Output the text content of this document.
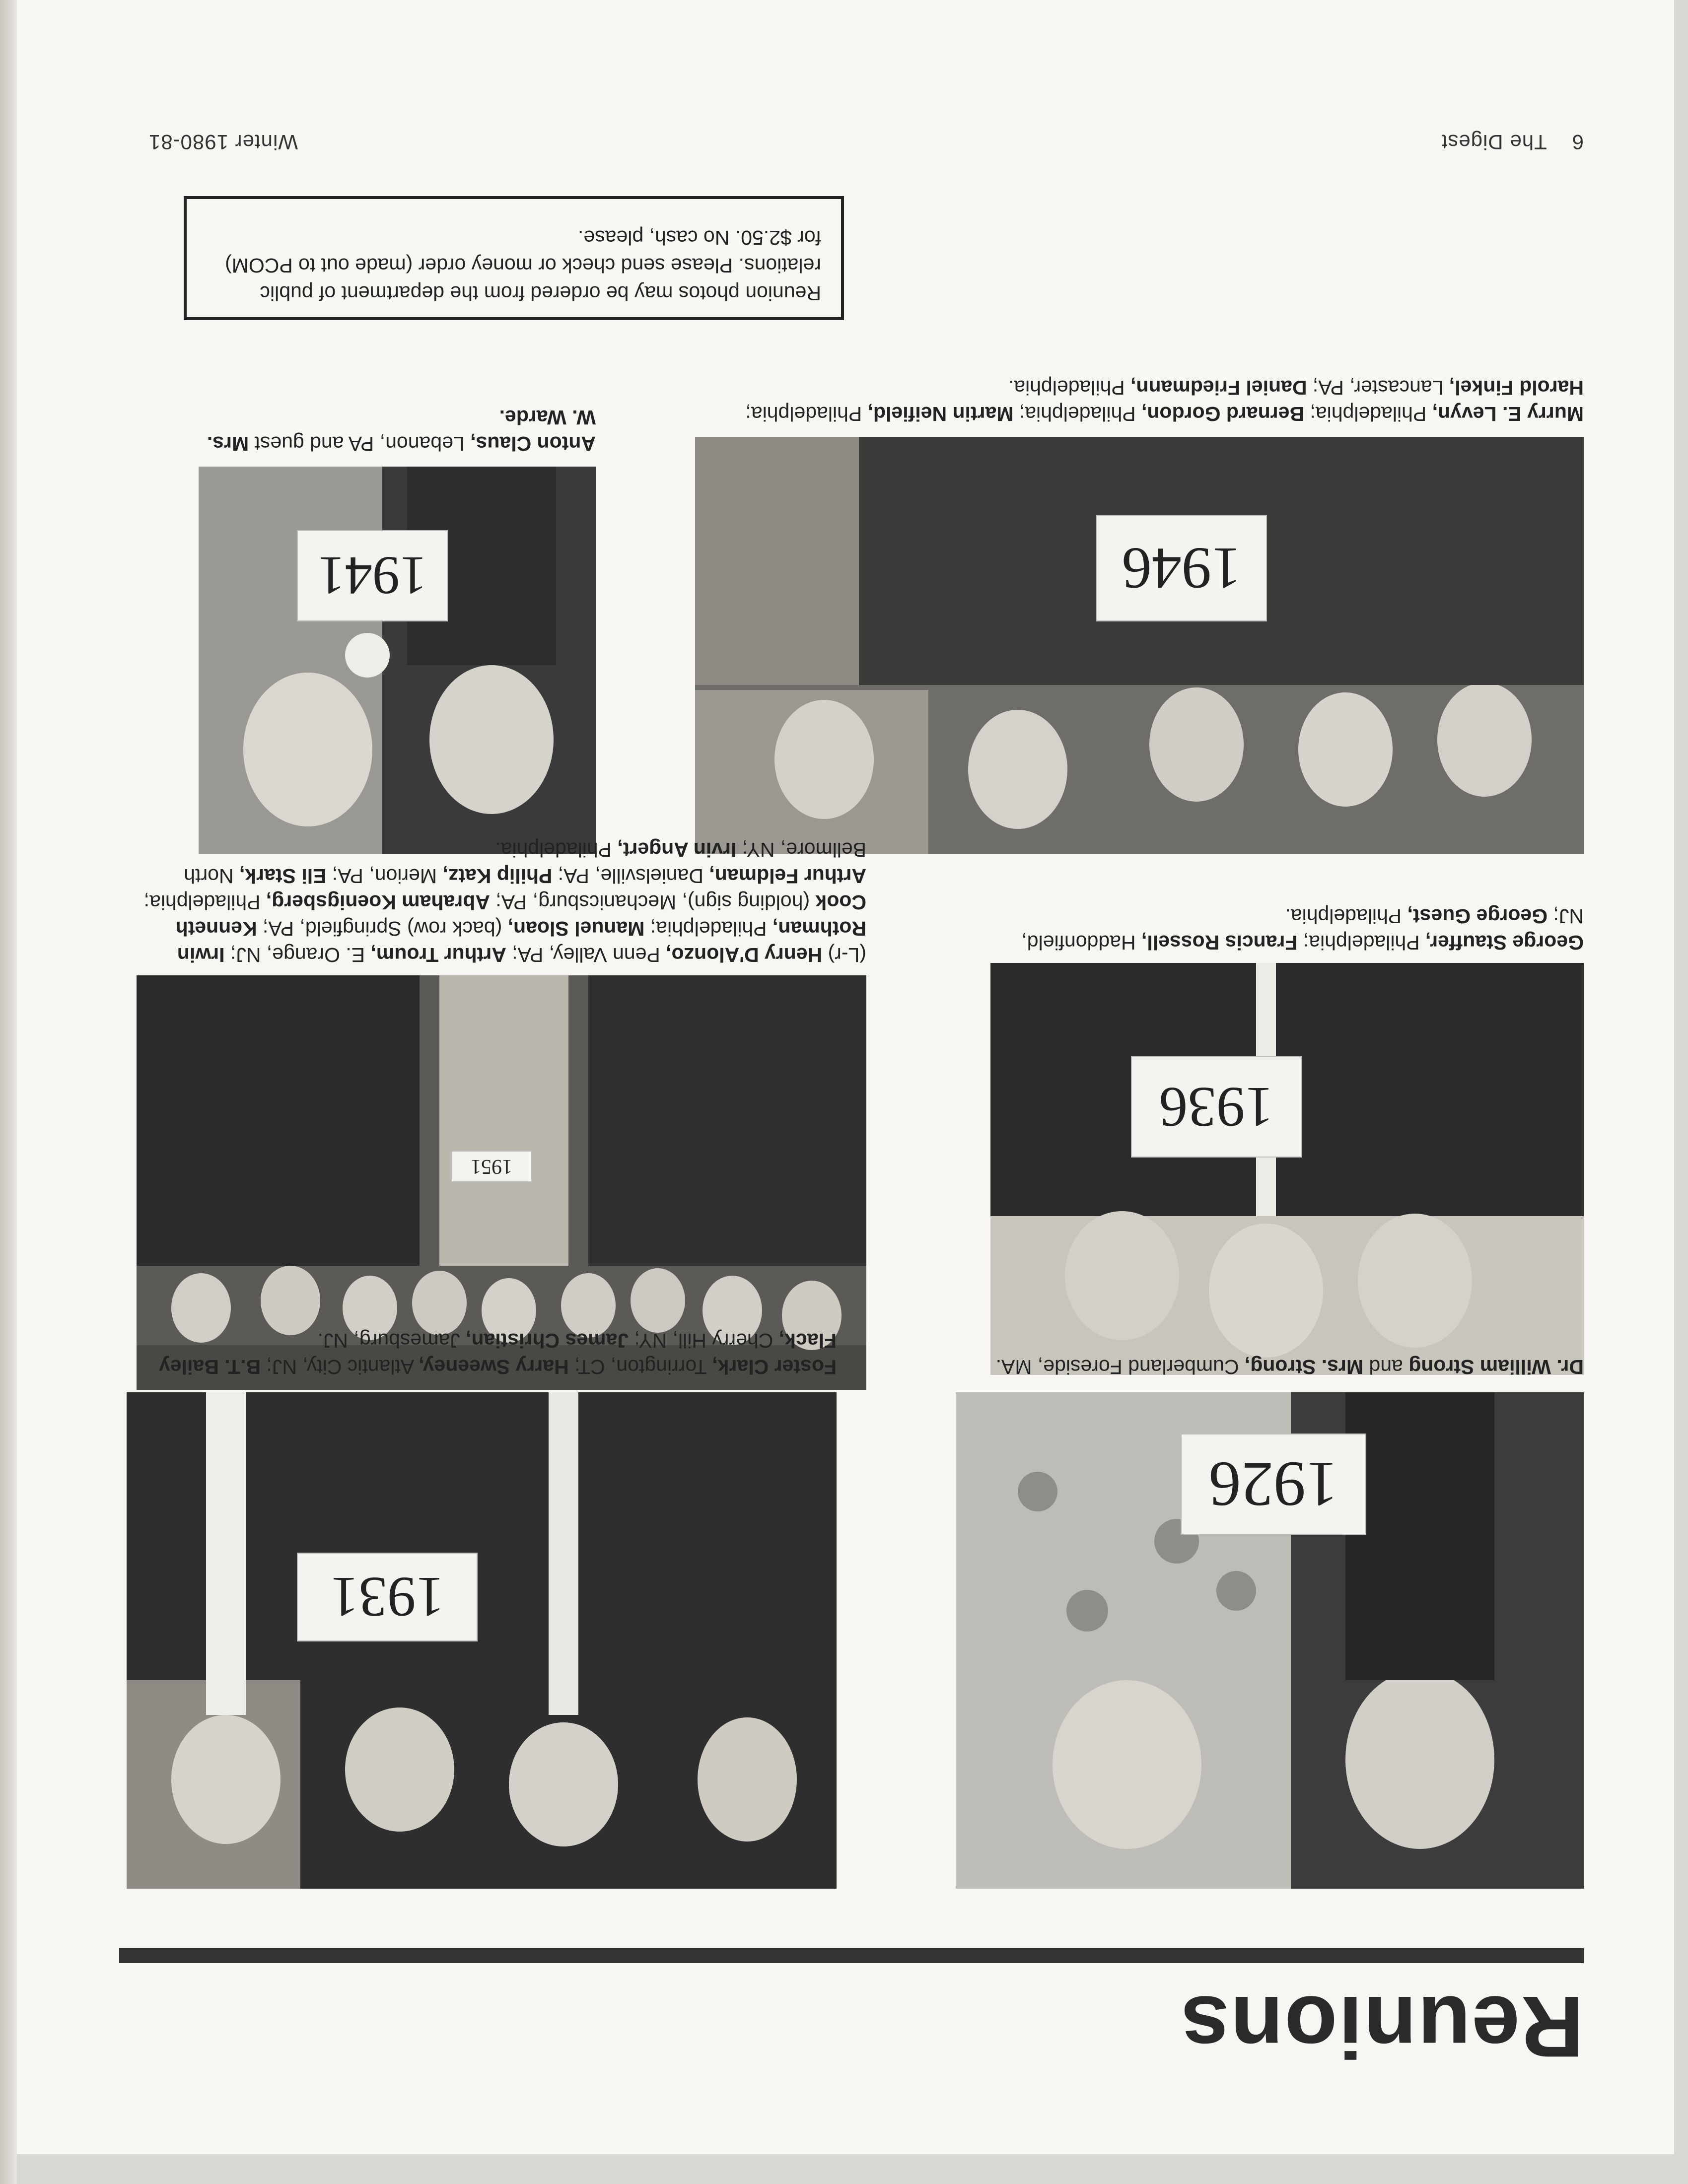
Reunions
1926
1931
1936
1951
1941	1946

Dr. William Strong and Mrs. Strong, Cumberland Foreside, MA.

Foster Clark, Torrington, CT; Harry Sweeney, Atlantic City, NJ; B.T. Bailey Flack, Cherry Hill, NY; James Christian, Jamesburg, NJ.

George Stauffer, Philadelphia; Francis Rossell, Haddonfield, NJ; George Guest, Philadelphia.

(L-r) Henry D'Alonzo, Penn Valley, PA; Arthur Troum, E. Orange, NJ; Irwin Rothman, Philadelphia; Manuel Sloan, (back row) Springfield, PA; Kenneth Cook (holding sign), Mechanicsburg, PA; Abraham Koenigsberg, Philadelphia; Arthur Feldman, Danielsville, PA; Philip Katz, Merion, PA; Eli Stark, North Bellmore, NY; Irvin Angert, Philadelphia.

Anton Claus, Lebanon, PA and guest Mrs. W. Warde.	Murry E. Levyn, Philadelphia; Bernard Gordon, Philadelphia; Martin Neifield, Philadelphia; Harold Finkel, Lancaster, PA; Daniel Friedmann, Philadelphia.

Reunion photos may be ordered from the department of public relations. Please send check or money order (made out to PCOM) for $2.50. No cash, please.
6    The Digest
Winter 1980-81
